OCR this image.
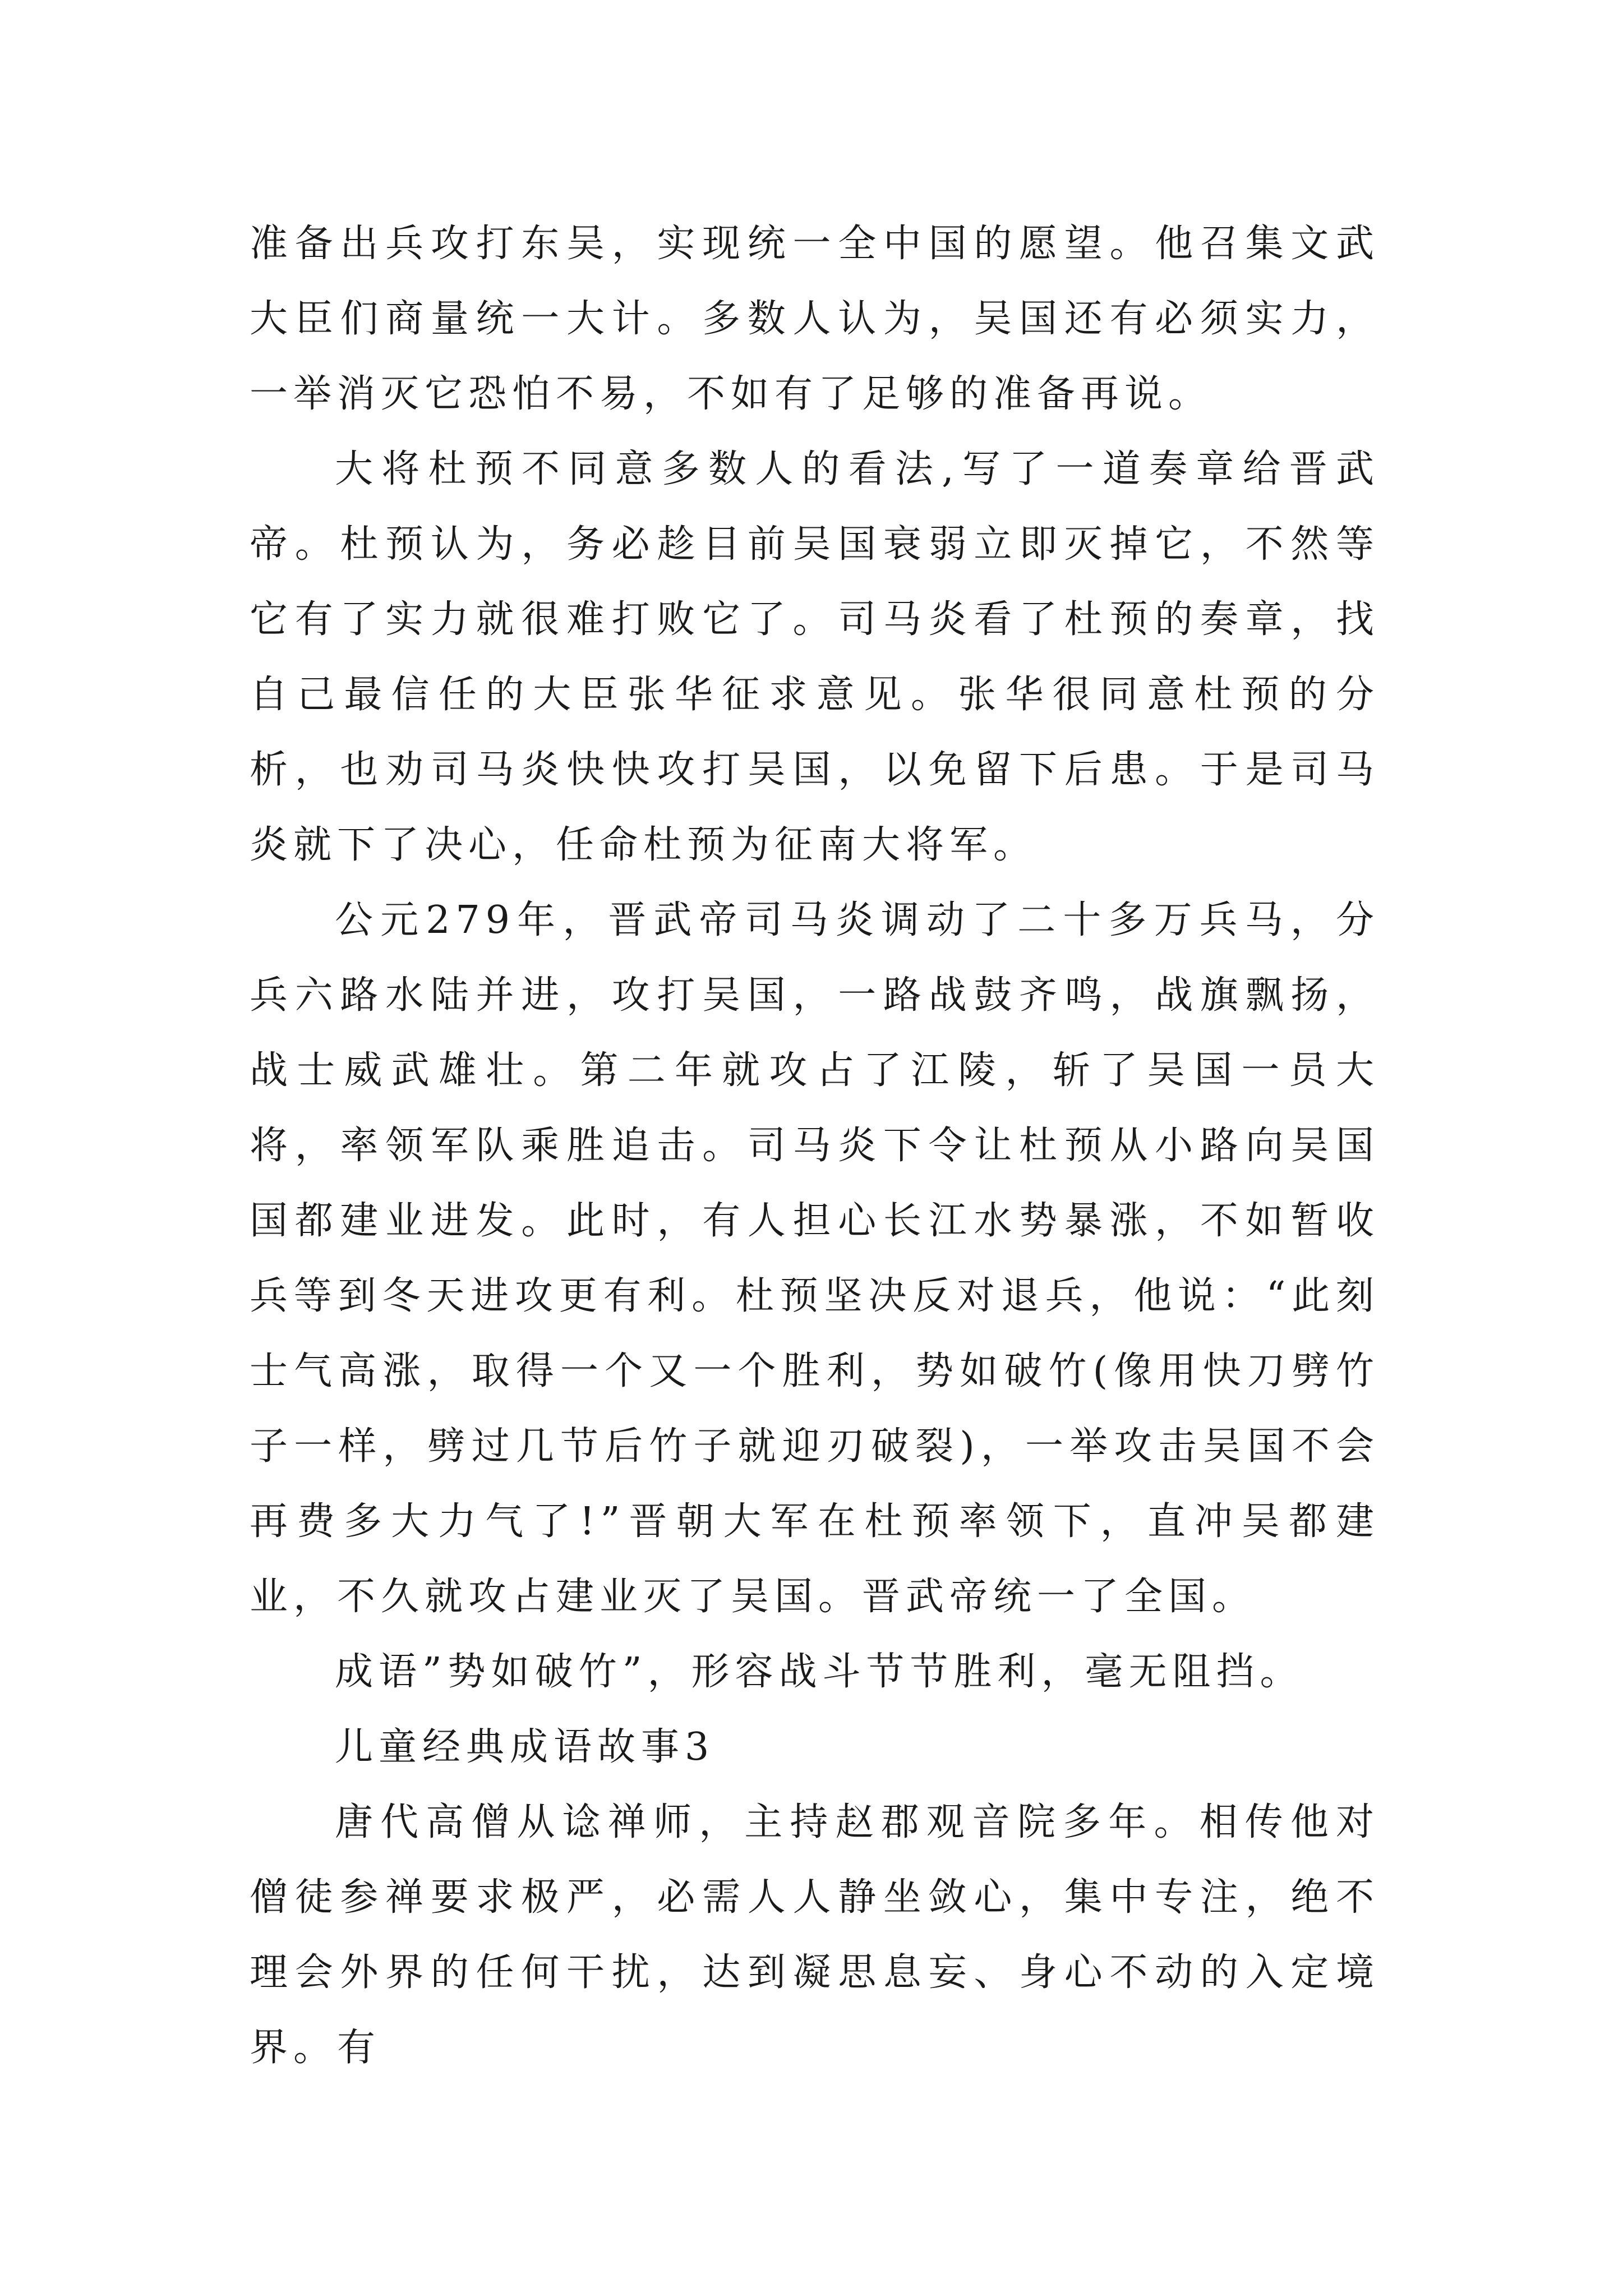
准备出兵攻打东吴，实现统一全中国的愿望。他召集文武大臣们商量统一大计。多数人认为，吴国还有必须实力，一举消灭它恐怕不易，不如有了足够的准备再说。

大将杜预不同意多数人的看法,写了一道奏章给晋武帝。杜预认为，务必趁目前吴国衰弱立即灭掉它，不然等它有了实力就很难打败它了。司马炎看了杜预的奏章，找自己最信任的大臣张华征求意见。张华很同意杜预的分析，也劝司马炎快快攻打吴国，以免留下后患。于是司马炎就下了决心，任命杜预为征南大将军。

公元279年，晋武帝司马炎调动了二十多万兵马，分兵六路水陆并进，攻打吴国，一路战鼓齐鸣，战旗飘扬，战士威武雄壮。第二年就攻占了江陵，斩了吴国一员大将，率领军队乘胜追击。司马炎下令让杜预从小路向吴国国都建业进发。此时，有人担心长江水势暴涨，不如暂收兵等到冬天进攻更有利。杜预坚决反对退兵，他说：“此刻士气高涨，取得一个又一个胜利，势如破竹(像用快刀劈竹子一样，劈过几节后竹子就迎刃破裂)，一举攻击吴国不会再费多大力气了!”晋朝大军在杜预率领下，直冲吴都建业，不久就攻占建业灭了吴国。晋武帝统一了全国。

成语”势如破竹”，形容战斗节节胜利，毫无阻挡。

儿童经典成语故事3

唐代高僧从谂禅师，主持赵郡观音院多年。相传他对僧徒参禅要求极严，必需人人静坐敛心，集中专注，绝不理会外界的任何干扰，达到凝思息妄、身心不动的入定境界。有
